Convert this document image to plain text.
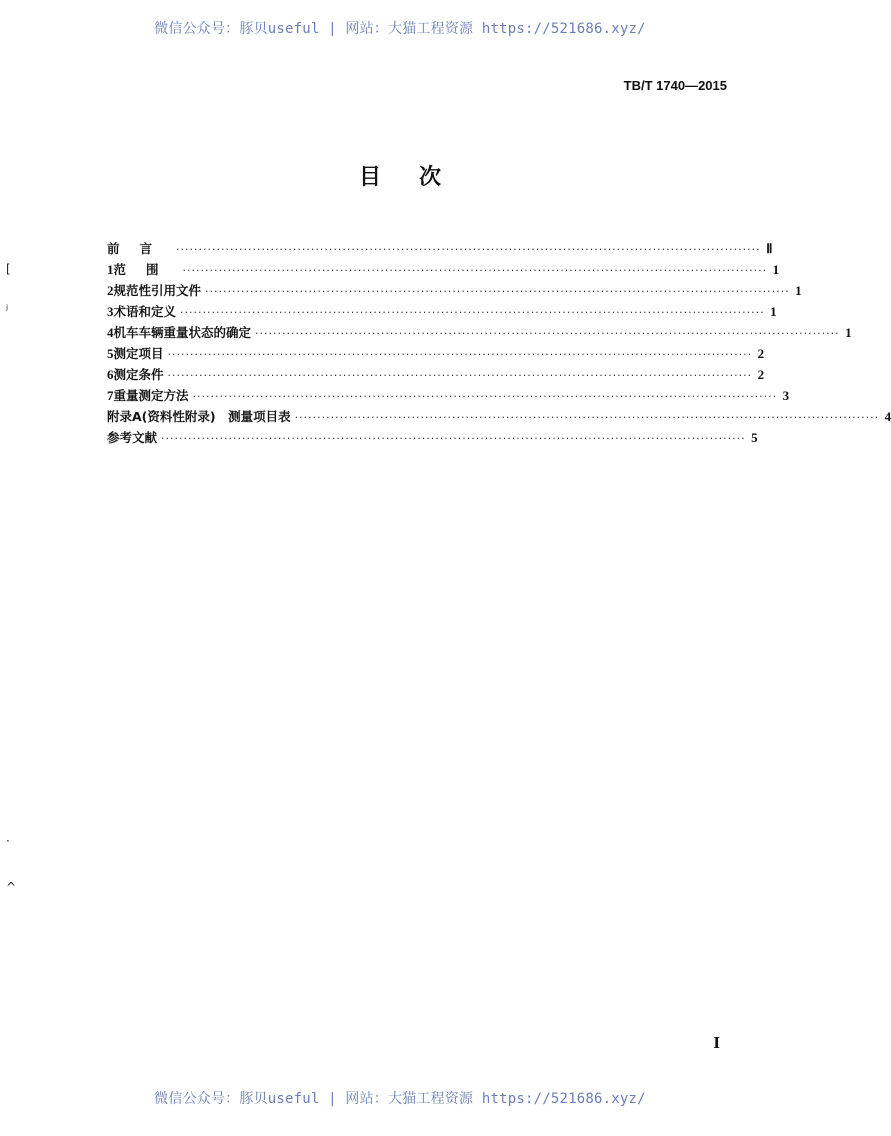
微信公众号：豚贝useful | 网站：大猫工程资源 https://521686.xyz/
TB/T 1740—2015
目次
前言 ·································································································································· Ⅱ
1 范围 ·································································································································· 1
2 规范性引用文件 ·································································································································· 1
3 术语和定义 ·································································································································· 1
4 机车车辆重量状态的确定 ·································································································································· 1
5 测定项目 ·································································································································· 2
6 测定条件 ·································································································································· 2
7 重量测定方法 ·································································································································· 3
附录A(资料性附录)　测量项目表 ·································································································································· 4
参考文献 ·································································································································· 5
I
[
ʲ
·
^
微信公众号：豚贝useful | 网站：大猫工程资源 https://521686.xyz/
